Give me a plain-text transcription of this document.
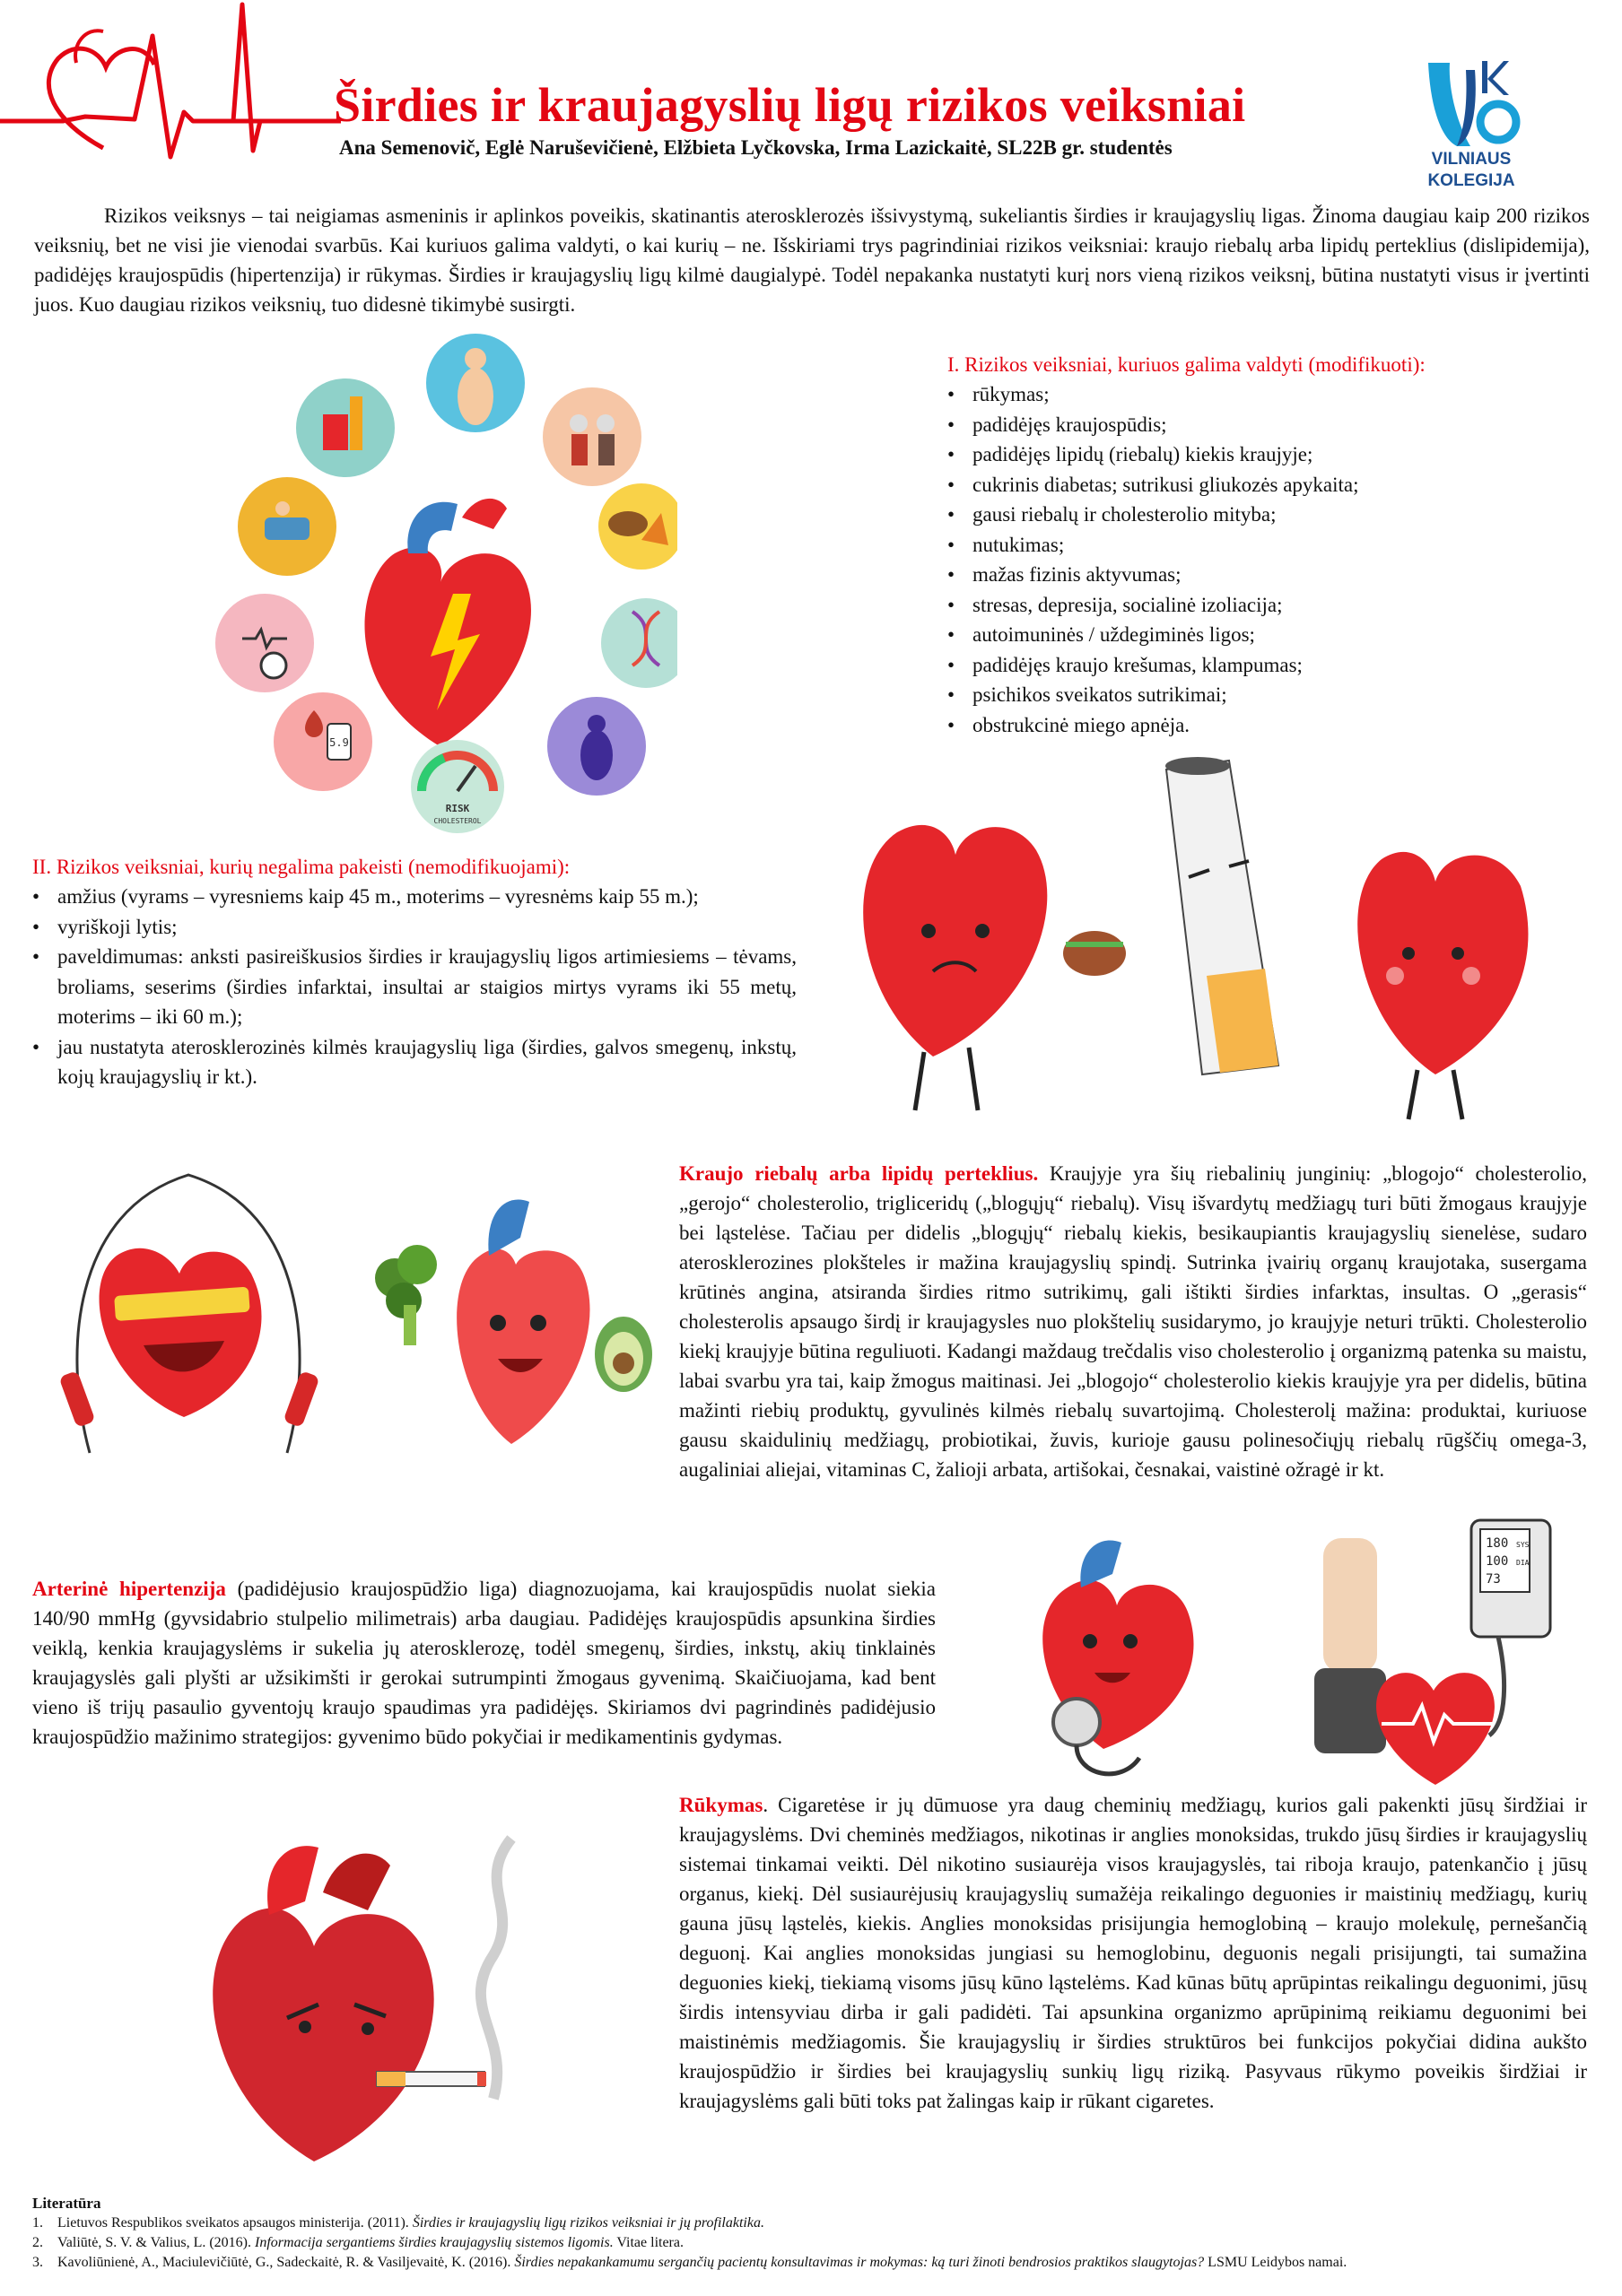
Širdies ir kraujagyslių ligų rizikos veiksniai
Ana Semenovič, Eglė Naruševičienė, Elžbieta Lyčkovska, Irma Lazickaitė, SL22B gr. studentės
VILNIAUS
KOLEGIJA
Rizikos veiksnys – tai neigiamas asmeninis ir aplinkos poveikis, skatinantis aterosklerozės išsivystymą, sukeliantis širdies ir kraujagyslių ligas. Žinoma daugiau kaip 200 rizikos veiksnių, bet ne visi jie vienodai svarbūs. Kai kuriuos galima valdyti, o kai kurių – ne. Išskiriami trys pagrindiniai rizikos veiksniai: kraujo riebalų arba lipidų perteklius (dislipidemija), padidėjęs kraujospūdis (hipertenzija) ir rūkymas. Širdies ir kraujagyslių ligų kilmė daugialypė. Todėl nepakanka nustatyti kurį nors vieną rizikos veiksnį, būtina nustatyti visus ir įvertinti juos. Kuo daugiau rizikos veiksnių, tuo didesnė tikimybė susirgti.
5.9
RISK
CHOLESTEROL
I. Rizikos veiksniai, kuriuos galima valdyti (modifikuoti):
• rūkymas;
• padidėjęs kraujospūdis;
• padidėjęs lipidų (riebalų) kiekis kraujyje;
• cukrinis diabetas; sutrikusi gliukozės apykaita;
• gausi riebalų ir cholesterolio mityba;
• nutukimas;
• mažas fizinis aktyvumas;
• stresas, depresija, socialinė izoliacija;
• autoimuninės / uždegiminės ligos;
• padidėjęs kraujo krešumas, klampumas;
• psichikos sveikatos sutrikimai;
• obstrukcinė miego apnėja.
II. Rizikos veiksniai, kurių negalima pakeisti (nemodifikuojami):
• amžius (vyrams – vyresniems kaip 45 m., moterims – vyresnėms kaip 55 m.);
• vyriškoji lytis;
• paveldimumas: anksti pasireiškusios širdies ir kraujagyslių ligos artimiesiems – tėvams, broliams, seserims (širdies infarktai, insultai ar staigios mirtys vyrams iki 55 metų, moterims – iki 60 m.);
• jau nustatyta aterosklerozinės kilmės kraujagyslių liga (širdies, galvos smegenų, inkstų, kojų kraujagyslių ir kt.).
Kraujo riebalų arba lipidų perteklius. Kraujyje yra šių riebalinių junginių: „blogojo“ cholesterolio, „gerojo“ cholesterolio, trigliceridų („blogųjų“ riebalų). Visų išvardytų medžiagų turi būti žmogaus kraujyje bei ląstelėse. Tačiau per didelis „blogųjų“ riebalų kiekis, besikaupiantis kraujagyslių sienelėse, sudaro aterosklerozines plokšteles ir mažina kraujagyslių spindį. Sutrinka įvairių organų kraujotaka, susergama krūtinės angina, atsiranda širdies ritmo sutrikimų, gali ištikti širdies infarktas, insultas. O „gerasis“ cholesterolis apsaugo širdį ir kraujagysles nuo plokštelių susidarymo, jo kraujyje neturi trūkti. Cholesterolio kiekį kraujyje būtina reguliuoti. Kadangi maždaug trečdalis viso cholesterolio į organizmą patenka su maistu, labai svarbu yra tai, kaip žmogus maitinasi. Jei „blogojo“ cholesterolio kiekis kraujyje yra per didelis, būtina mažinti riebių produktų, gyvulinės kilmės riebalų suvartojimą. Cholesterolį mažina: produktai, kuriuose gausu skaidulinių medžiagų, probiotikai, žuvis, kurioje gausu polinesočiųjų riebalų rūgščių omega-3, augaliniai aliejai, vitaminas C, žalioji arbata, artišokai, česnakai, vaistinė ožragė ir kt.
Arterinė hipertenzija (padidėjusio kraujospūdžio liga) diagnozuojama, kai kraujospūdis nuolat siekia 140/90 mmHg (gyvsidabrio stulpelio milimetrais) arba daugiau. Padidėjęs kraujospūdis apsunkina širdies veiklą, kenkia kraujagyslėms ir sukelia jų aterosklerozę, todėl smegenų, širdies, inkstų, akių tinklainės kraujagyslės gali plyšti ar užsikimšti ir gerokai sutrumpinti žmogaus gyvenimą. Skaičiuojama, kad bent vieno iš trijų pasaulio gyventojų kraujo spaudimas yra padidėjęs. Skiriamos dvi pagrindinės padidėjusio kraujospūdžio mažinimo strategijos: gyvenimo būdo pokyčiai ir medikamentinis gydymas.
180 SYS
100 DIA
73
Rūkymas. Cigaretėse ir jų dūmuose yra daug cheminių medžiagų, kurios gali pakenkti jūsų širdžiai ir kraujagyslėms. Dvi cheminės medžiagos, nikotinas ir anglies monoksidas, trukdo jūsų širdies ir kraujagyslių sistemai tinkamai veikti. Dėl nikotino susiaurėja visos kraujagyslės, tai riboja kraujo, patenkančio į jūsų organus, kiekį. Dėl susiaurėjusių kraujagyslių sumažėja reikalingo deguonies ir maistinių medžiagų, kurių gauna jūsų ląstelės, kiekis. Anglies monoksidas prisijungia hemoglobiną – kraujo molekulę, pernešančią deguonį. Kai anglies monoksidas jungiasi su hemoglobinu, deguonis negali prisijungti, tai sumažina deguonies kiekį, tiekiamą visoms jūsų kūno ląstelėms. Kad kūnas būtų aprūpintas reikalingu deguonimi, jūsų širdis intensyviau dirba ir gali padidėti. Tai apsunkina organizmo aprūpinimą reikiamu deguonimi bei maistinėmis medžiagomis. Šie kraujagyslių ir širdies struktūros bei funkcijos pokyčiai didina aukšto kraujospūdžio ir širdies bei kraujagyslių sunkių ligų riziką. Pasyvaus rūkymo poveikis širdžiai ir kraujagyslėms gali būti toks pat žalingas kaip ir rūkant cigaretes.
Literatūra
1. Lietuvos Respublikos sveikatos apsaugos ministerija. (2011). Širdies ir kraujagyslių ligų rizikos veiksniai ir jų profilaktika.
2. Valiūtė, S. V. & Valius, L. (2016). Informacija sergantiems širdies kraujagyslių sistemos ligomis. Vitae litera.
3. Kavoliūnienė, A., Maciulevičiūtė, G., Sadeckaitė, R. & Vasiljevaitė, K. (2016). Širdies nepakankamumu sergančių pacientų konsultavimas ir mokymas: ką turi žinoti bendrosios praktikos slaugytojas? LSMU Leidybos namai.
